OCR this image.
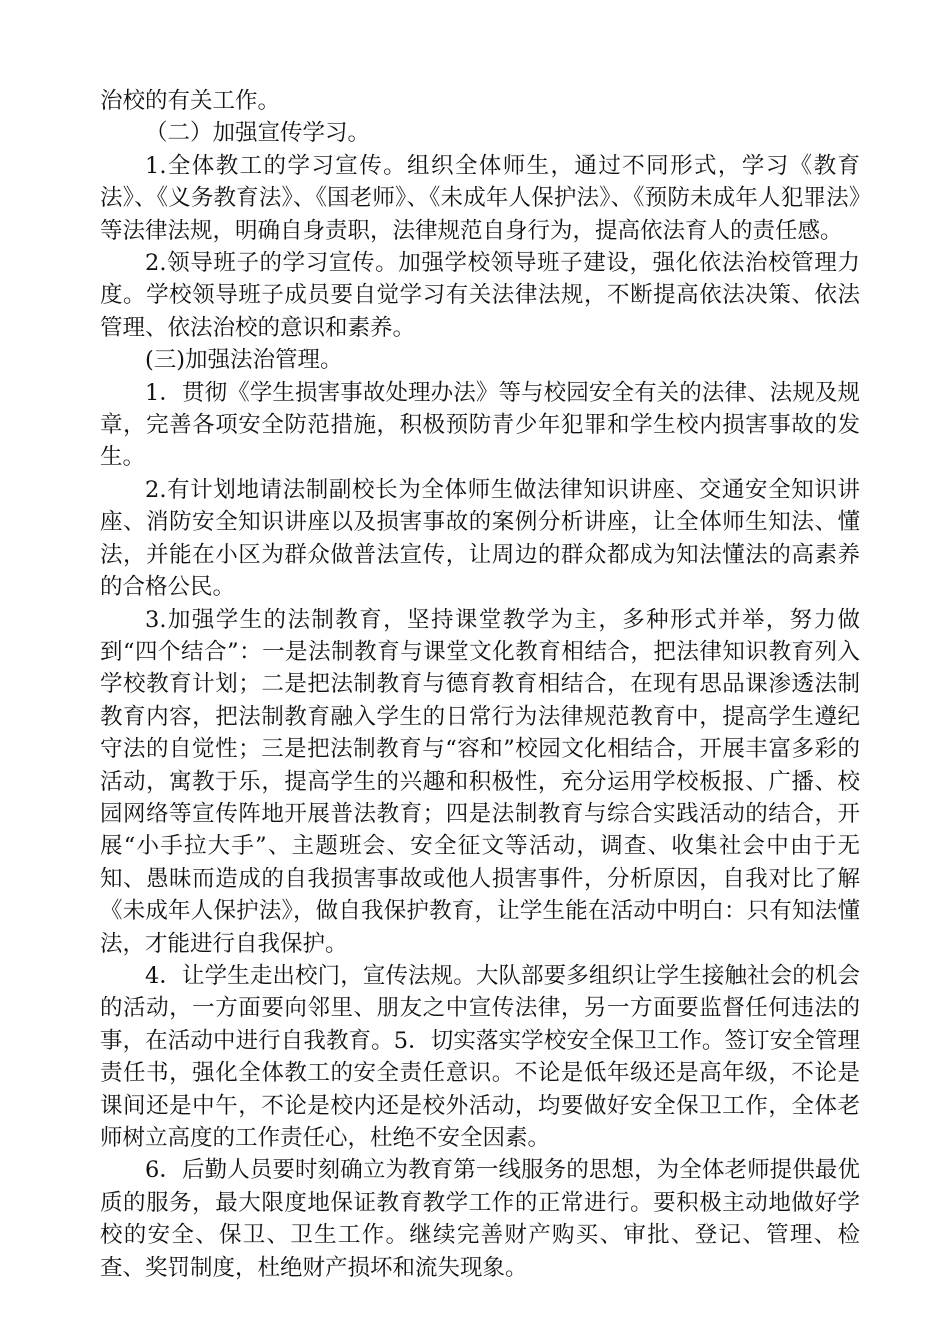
治校的有关工作。

（二）加强宣传学习。

1.全体教工的学习宣传。组织全体师生，通过不同形式，学习《教育法》、《义务教育法》、《国老师》、《未成年人保护法》、《预防未成年人犯罪法》等法律法规，明确自身责职，法律规范自身行为，提高依法育人的责任感。

2.领导班子的学习宣传。加强学校领导班子建设，强化依法治校管理力度。学校领导班子成员要自觉学习有关法律法规，不断提高依法决策、依法管理、依法治校的意识和素养。

(三)加强法治管理。

1．贯彻《学生损害事故处理办法》等与校园安全有关的法律、法规及规章，完善各项安全防范措施，积极预防青少年犯罪和学生校内损害事故的发生。

2.有计划地请法制副校长为全体师生做法律知识讲座、交通安全知识讲座、消防安全知识讲座以及损害事故的案例分析讲座，让全体师生知法、懂法，并能在小区为群众做普法宣传，让周边的群众都成为知法懂法的高素养的合格公民。

3.加强学生的法制教育，坚持课堂教学为主，多种形式并举，努力做到“四个结合”：一是法制教育与课堂文化教育相结合，把法律知识教育列入学校教育计划；二是把法制教育与德育教育相结合，在现有思品课渗透法制教育内容，把法制教育融入学生的日常行为法律规范教育中，提高学生遵纪守法的自觉性；三是把法制教育与“容和”校园文化相结合，开展丰富多彩的活动，寓教于乐，提高学生的兴趣和积极性，充分运用学校板报、广播、校园网络等宣传阵地开展普法教育；四是法制教育与综合实践活动的结合，开展“小手拉大手”、主题班会、安全征文等活动，调查、收集社会中由于无知、愚昧而造成的自我损害事故或他人损害事件，分析原因，自我对比了解《未成年人保护法》，做自我保护教育，让学生能在活动中明白：只有知法懂法，才能进行自我保护。

4．让学生走出校门，宣传法规。大队部要多组织让学生接触社会的机会的活动，一方面要向邻里、朋友之中宣传法律，另一方面要监督任何违法的事，在活动中进行自我教育。5．切实落实学校安全保卫工作。签订安全管理责任书，强化全体教工的安全责任意识。不论是低年级还是高年级，不论是课间还是中午，不论是校内还是校外活动，均要做好安全保卫工作，全体老师树立高度的工作责任心，杜绝不安全因素。

6．后勤人员要时刻确立为教育第一线服务的思想，为全体老师提供最优质的服务，最大限度地保证教育教学工作的正常进行。要积极主动地做好学校的安全、保卫、卫生工作。继续完善财产购买、审批、登记、管理、检查、奖罚制度，杜绝财产损坏和流失现象。
